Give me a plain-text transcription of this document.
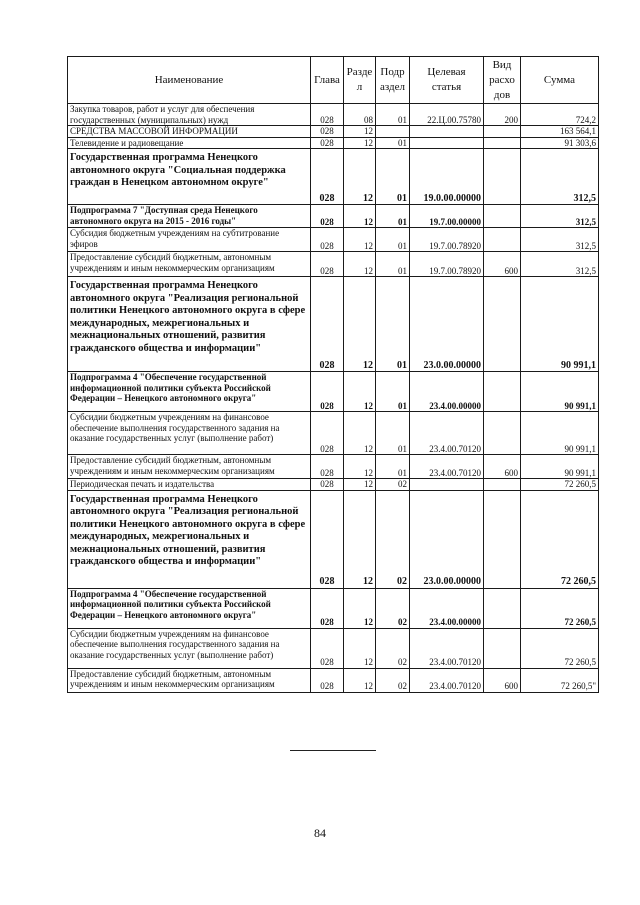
Наименование	Глава	Разде л	Подр аздел	Целевая статья	Вид расхо дов	Сумма
Закупка товаров, работ и услуг для обеспечения государственных (муниципальных) нужд	028	08	01	22.Ц.00.75780	200	724,2
СРЕДСТВА МАССОВОЙ ИНФОРМАЦИИ	028	12				163 564,1
Телевидение и радиовещание	028	12	01			91 303,6
Государственная программа Ненецкого автономного округа "Социальная поддержка граждан в Ненецком автономном округе"	028	12	01	19.0.00.00000		312,5
Подпрограмма 7 "Доступная среда Ненецкого автономного округа на 2015 - 2016 годы"	028	12	01	19.7.00.00000		312,5
Субсидия бюджетным учреждениям на субтитрование эфиров	028	12	01	19.7.00.78920		312,5
Предоставление субсидий бюджетным, автономным учреждениям и иным некоммерческим организациям	028	12	01	19.7.00.78920	600	312,5
Государственная программа Ненецкого автономного округа "Реализация региональной политики Ненецкого автономного округа в сфере международных, межрегиональных и межнациональных отношений, развития гражданского общества и информации"	028	12	01	23.0.00.00000		90 991,1
Подпрограмма 4 "Обеспечение государственной информационной политики субъекта Российской Федерации – Ненецкого автономного округа"	028	12	01	23.4.00.00000		90 991,1
Субсидии бюджетным учреждениям на финансовое обеспечение выполнения государственного задания на оказание государственных услуг (выполнение работ)	028	12	01	23.4.00.70120		90 991,1
Предоставление субсидий бюджетным, автономным учреждениям и иным некоммерческим организациям	028	12	01	23.4.00.70120	600	90 991,1
Периодическая печать и издательства	028	12	02			72 260,5
Государственная программа Ненецкого автономного округа "Реализация региональной политики Ненецкого автономного округа в сфере международных, межрегиональных и межнациональных отношений, развития гражданского общества и информации"	028	12	02	23.0.00.00000		72 260,5
Подпрограмма 4 "Обеспечение государственной информационной политики субъекта Российской Федерации – Ненецкого автономного округа"	028	12	02	23.4.00.00000		72 260,5
Субсидии бюджетным учреждениям на финансовое обеспечение выполнения государственного задания на оказание государственных услуг (выполнение работ)	028	12	02	23.4.00.70120		72 260,5
Предоставление субсидий бюджетным, автономным учреждениям и иным некоммерческим организациям	028	12	02	23.4.00.70120	600	72 260,5"
84
